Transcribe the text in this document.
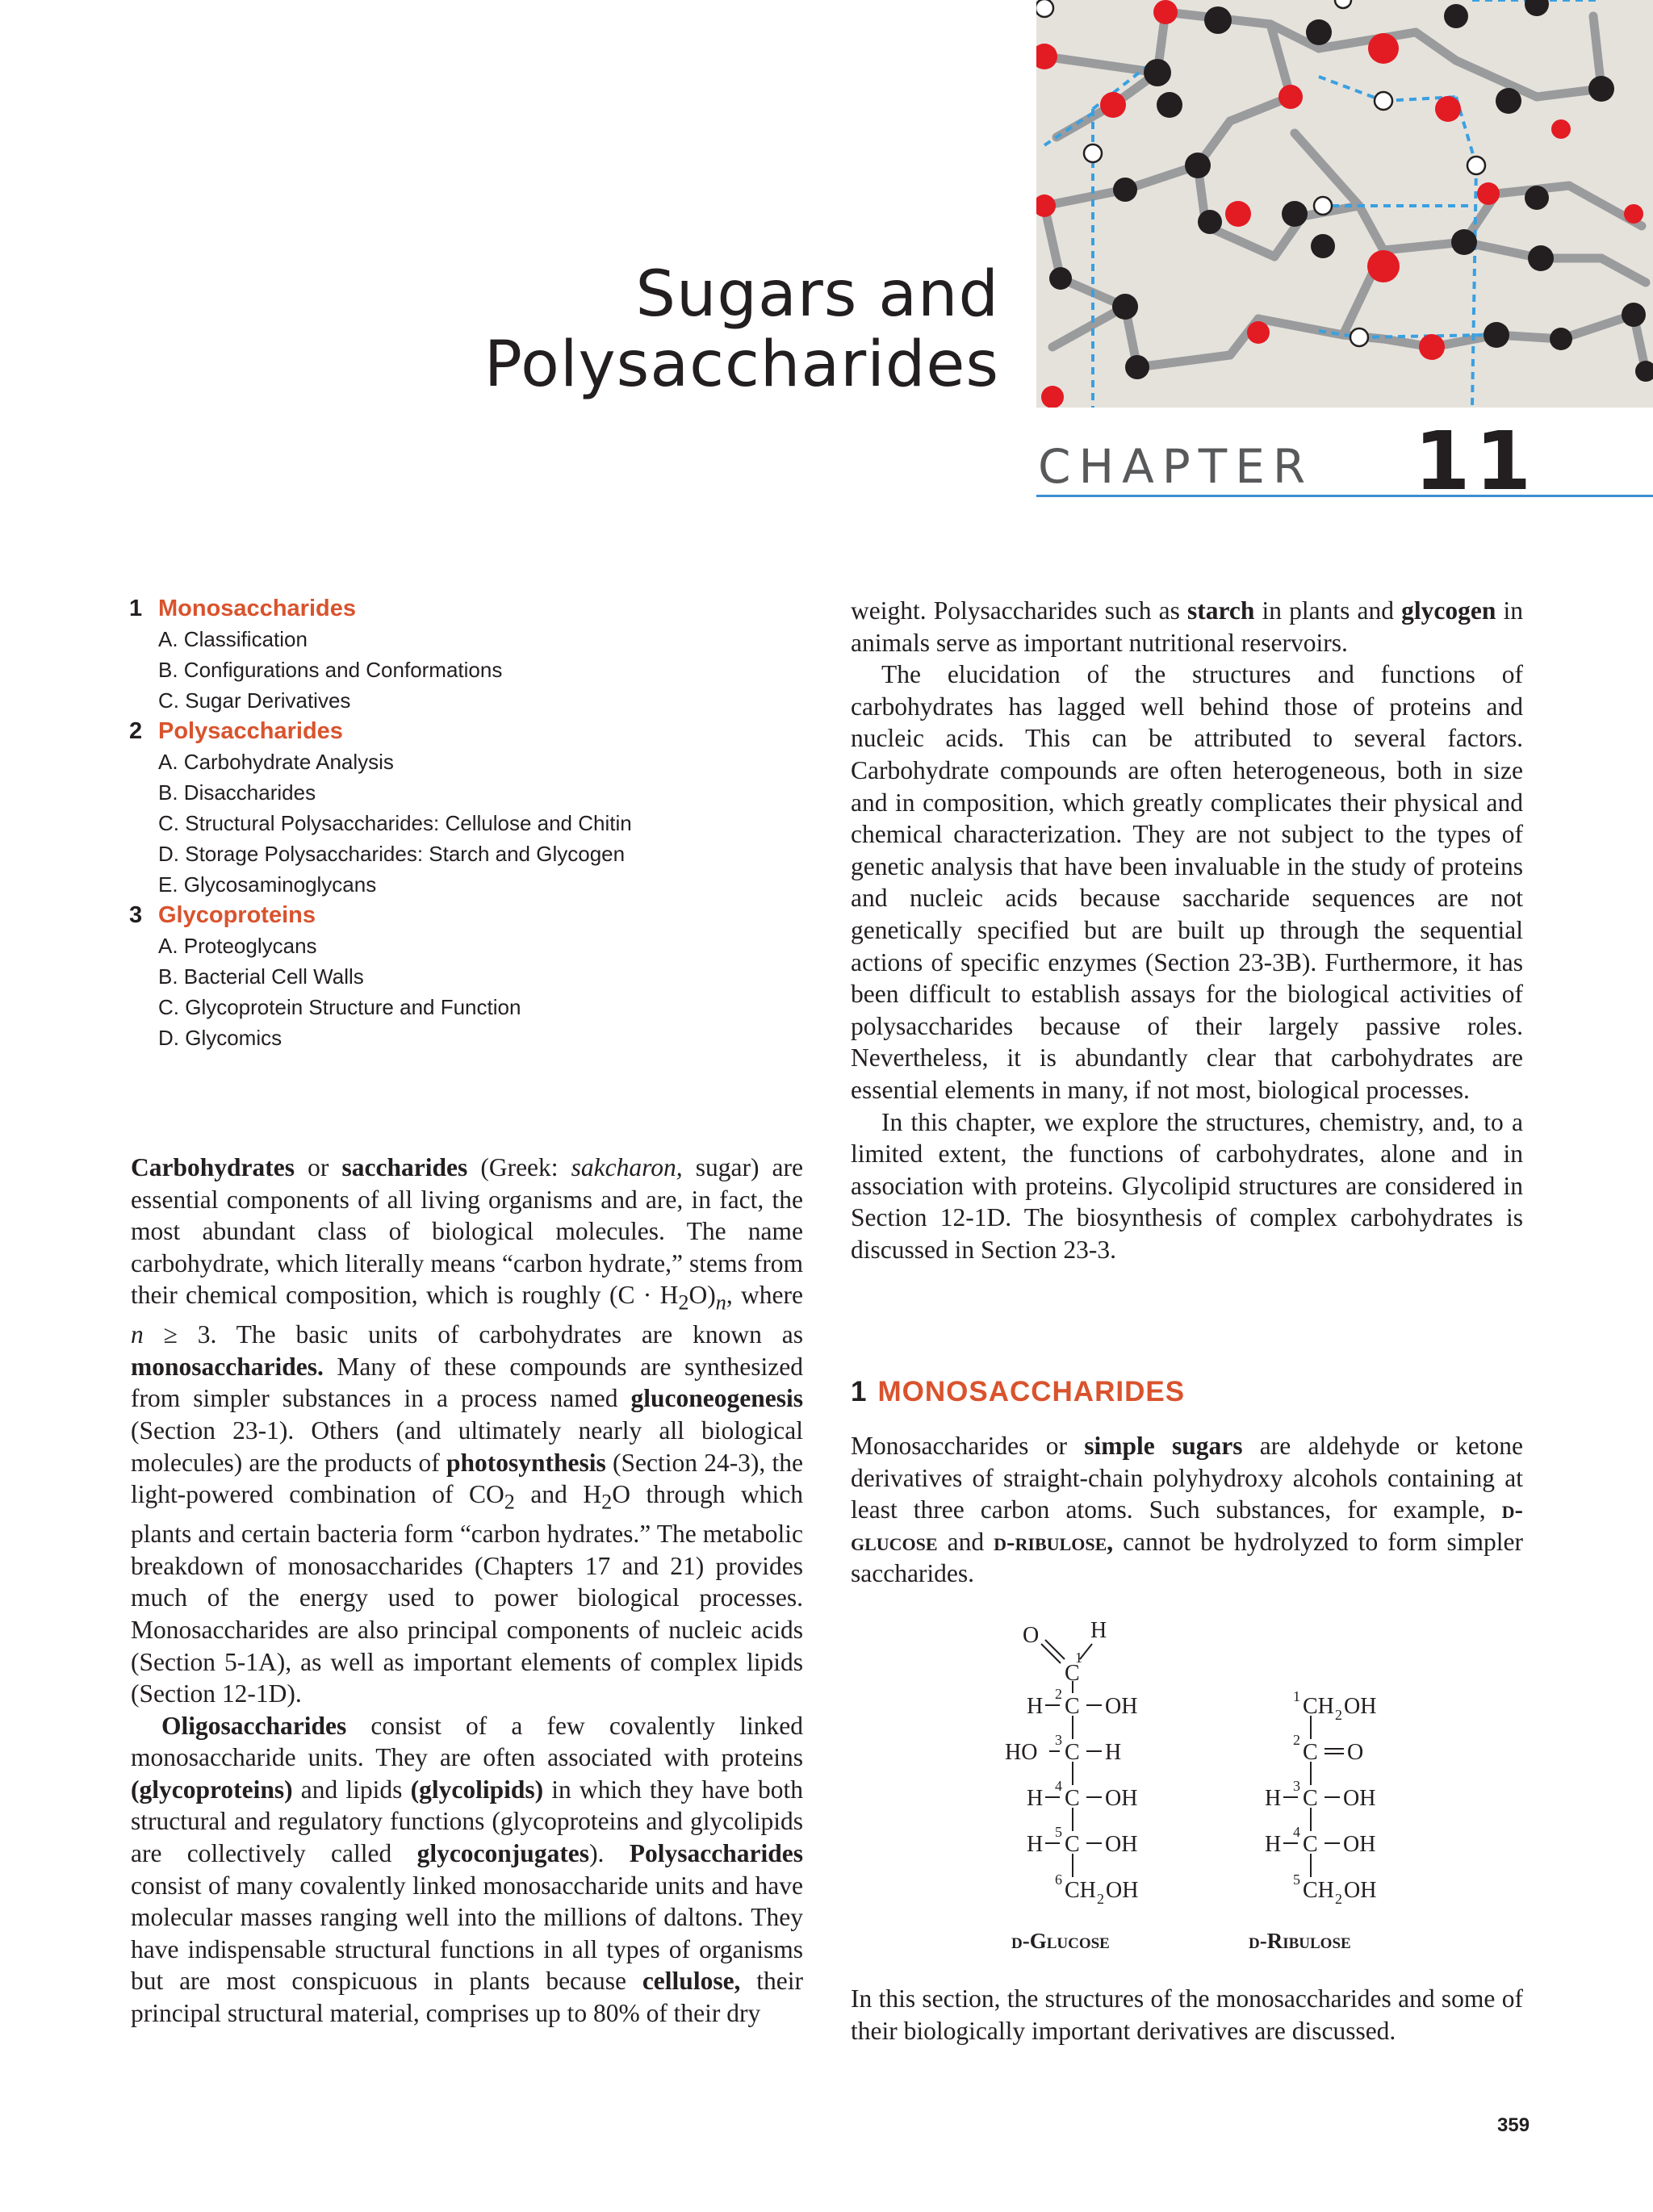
Sugars and
Polysaccharides
CHAPTER 11
1 Monosaccharides
A. Classification
B. Configurations and Conformations
C. Sugar Derivatives
2 Polysaccharides
A. Carbohydrate Analysis
B. Disaccharides
C. Structural Polysaccharides: Cellulose and Chitin
D. Storage Polysaccharides: Starch and Glycogen
E. Glycosaminoglycans
3 Glycoproteins
A. Proteoglycans
B. Bacterial Cell Walls
C. Glycoprotein Structure and Function
D. Glycomics

Carbohydrates or saccharides (Greek: sakcharon, sugar) are essential components of all living organisms and are, in fact, the most abundant class of biological molecules. The name carbohydrate, which literally means “carbon hydrate,” stems from their chemical composition, which is roughly $(C \cdot H_2O)_n$, where n ≥ 3. The basic units of carbohydrates are known as monosaccharides. Many of these compounds are synthesized from simpler substances in a process named gluconeogenesis (Section 23-1). Others (and ultimately nearly all biological molecules) are the products of photosynthesis (Section 24-3), the light-powered combination of $CO_2$ and $H_2O$ through which plants and certain bacteria form “carbon hydrates.” The metabolic breakdown of monosaccharides (Chapters 17 and 21) provides much of the energy used to power biological processes. Monosaccharides are also principal components of nucleic acids (Section 5-1A), as well as important elements of complex lipids (Section 12-1D).

Oligosaccharides consist of a few covalently linked monosaccharide units. They are often associated with proteins (glycoproteins) and lipids (glycolipids) in which they have both structural and regulatory functions (glycoproteins and glycolipids are collectively called glycoconjugates). Polysaccharides consist of many covalently linked monosaccharide units and have molecular masses ranging well into the millions of daltons. They have indispensable structural functions in all types of organisms but are most conspicuous in plants because cellulose, their principal structural material, comprises up to 80% of their dry

weight. Polysaccharides such as starch in plants and glycogen in animals serve as important nutritional reservoirs.

The elucidation of the structures and functions of carbohydrates has lagged well behind those of proteins and nucleic acids. This can be attributed to several factors. Carbohydrate compounds are often heterogeneous, both in size and in composition, which greatly complicates their physical and chemical characterization. They are not subject to the types of genetic analysis that have been invaluable in the study of proteins and nucleic acids because saccharide sequences are not genetically specified but are built up through the sequential actions of specific enzymes (Section 23-3B). Furthermore, it has been difficult to establish assays for the biological activities of polysaccharides because of their largely passive roles. Nevertheless, it is abundantly clear that carbohydrates are essential elements in many, if not most, biological processes.

In this chapter, we explore the structures, chemistry, and, to a limited extent, the functions of carbohydrates, alone and in association with proteins. Glycolipid structures are considered in Section 12-1D. The biosynthesis of complex carbohydrates is discussed in Section 23-3.

1 MONOSACCHARIDES

Monosaccharides or simple sugars are aldehyde or ketone derivatives of straight-chain polyhydroxy alcohols containing at least three carbon atoms. Such substances, for example, d-glucose and d-ribulose, cannot be hydrolyzed to form simpler saccharides.

O H
C
1
H C
2 OH
HO C
3 H
H C
4 OH
H C
5 OH
6 CH 2 OH
1 CH 2 OH
2 C O
H C
3 OH
H C
4 OH
5 CH 2 OH
d-Glucose	d-Ribulose

In this section, the structures of the monosaccharides and some of their biologically important derivatives are discussed.

359
